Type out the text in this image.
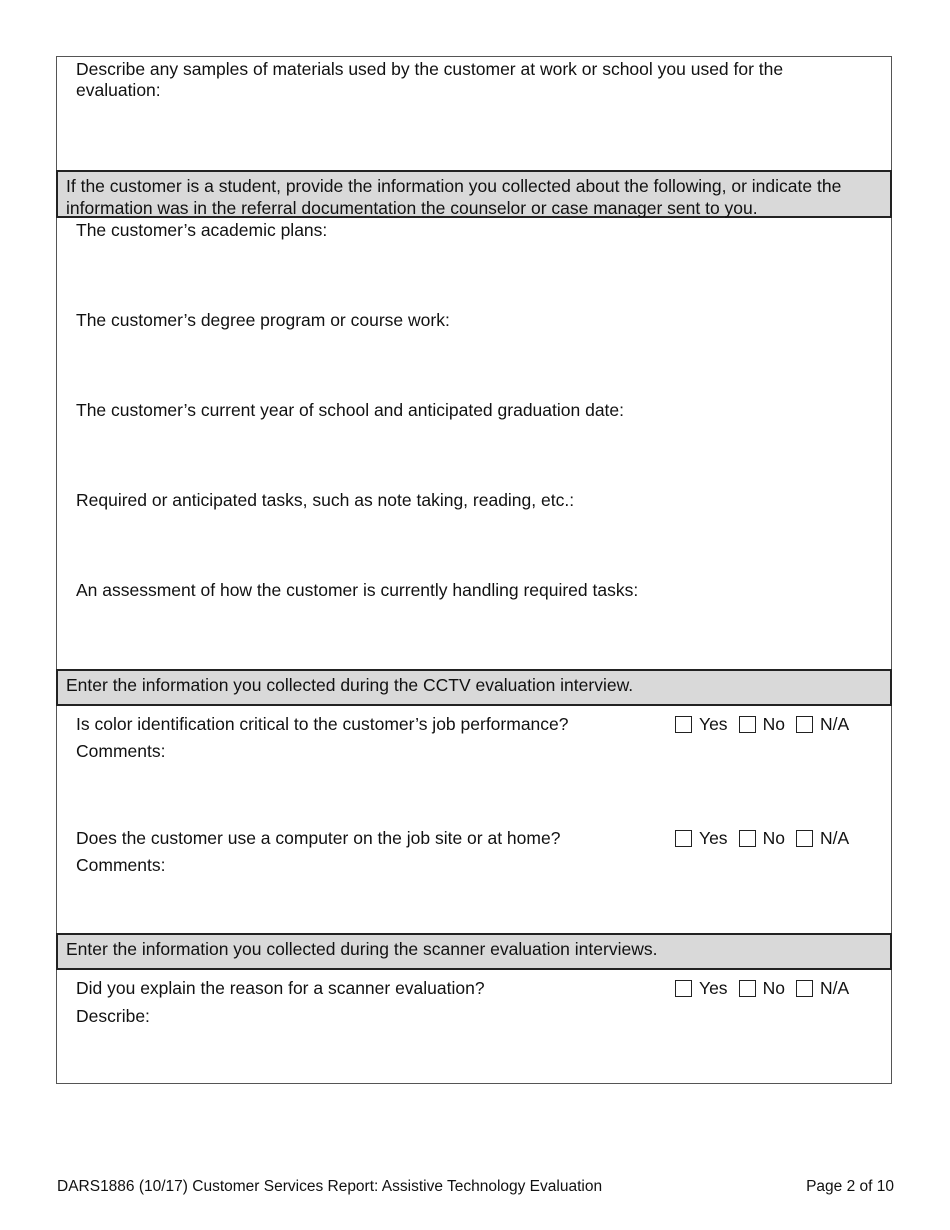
Describe any samples of materials used by the customer at work or school you used for the evaluation:
If the customer is a student, provide the information you collected about the following, or indicate the information was in the referral documentation the counselor or case manager sent to you.
The customer’s academic plans:
The customer’s degree program or course work:
The customer’s current year of school and anticipated graduation date:
Required or anticipated tasks, such as note taking, reading, etc.:
An assessment of how the customer is currently handling required tasks:
Enter the information you collected during the CCTV evaluation interview.
Is color identification critical to the customer’s job performance?
Comments:
Yes No N/A
Does the customer use a computer on the job site or at home?
Comments:
Yes No N/A
Enter the information you collected during the scanner evaluation interviews.
Did you explain the reason for a scanner evaluation?
Describe:
Yes No N/A
DARS1886 (10/17) Customer Services Report: Assistive Technology Evaluation	Page 2 of 10
